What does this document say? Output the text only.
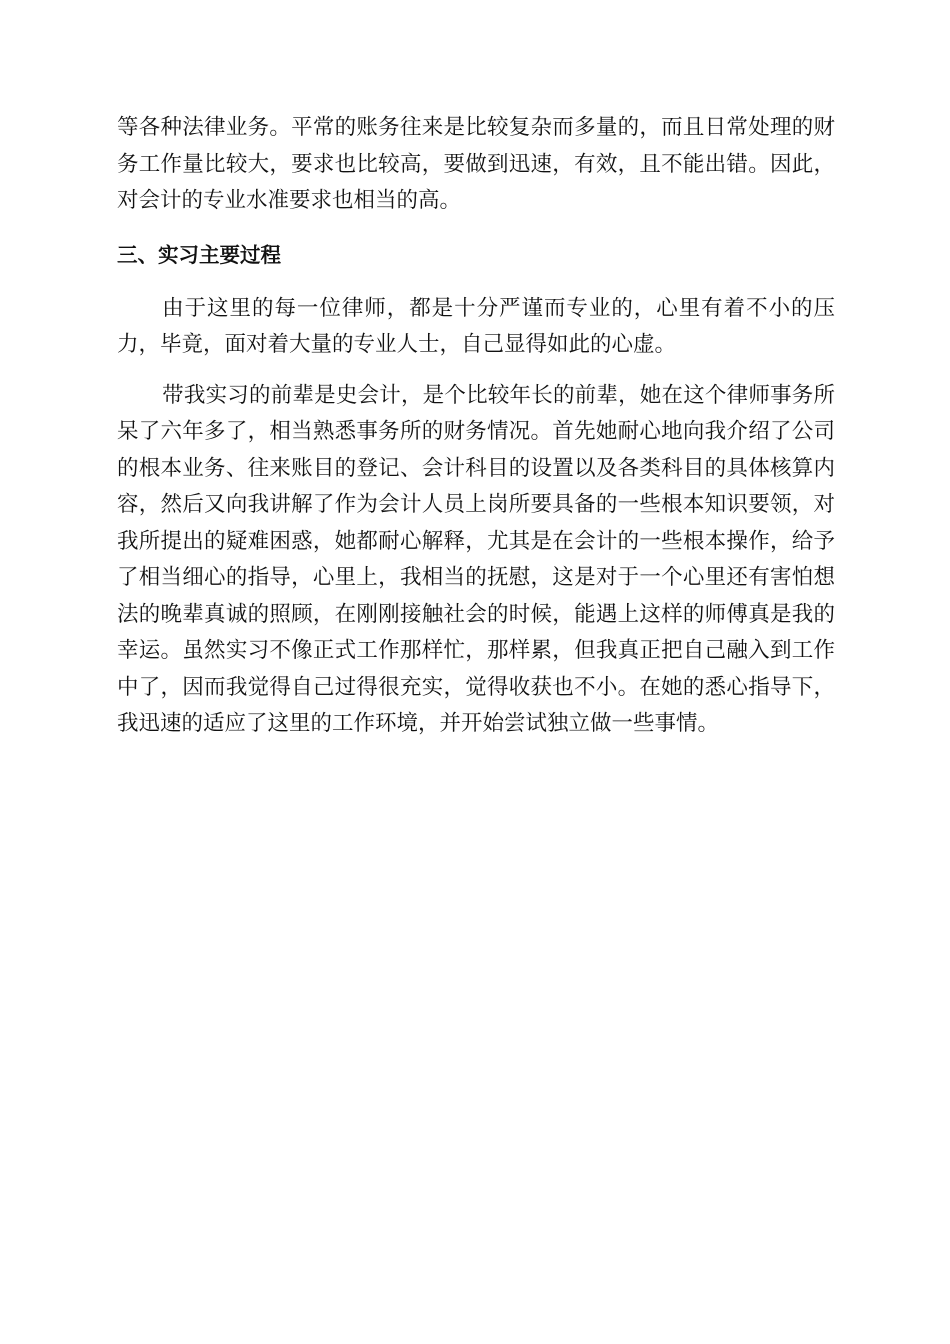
等各种法律业务。平常的账务往来是比较复杂而多量的，而且日常处理的财务工作量比较大，要求也比较高，要做到迅速，有效，且不能出错。因此，对会计的专业水准要求也相当的高。

三、实习主要过程

由于这里的每一位律师，都是十分严谨而专业的，心里有着不小的压力，毕竟，面对着大量的专业人士，自己显得如此的心虚。

带我实习的前辈是史会计，是个比较年长的前辈，她在这个律师事务所呆了六年多了，相当熟悉事务所的财务情况。首先她耐心地向我介绍了公司的根本业务、往来账目的登记、会计科目的设置以及各类科目的具体核算内容，然后又向我讲解了作为会计人员上岗所要具备的一些根本知识要领，对我所提出的疑难困惑，她都耐心解释，尤其是在会计的一些根本操作，给予了相当细心的指导，心里上，我相当的抚慰，这是对于一个心里还有害怕想法的晚辈真诚的照顾，在刚刚接触社会的时候，能遇上这样的师傅真是我的幸运。虽然实习不像正式工作那样忙，那样累，但我真正把自己融入到工作中了，因而我觉得自己过得很充实，觉得收获也不小。在她的悉心指导下，我迅速的适应了这里的工作环境，并开始尝试独立做一些事情。
